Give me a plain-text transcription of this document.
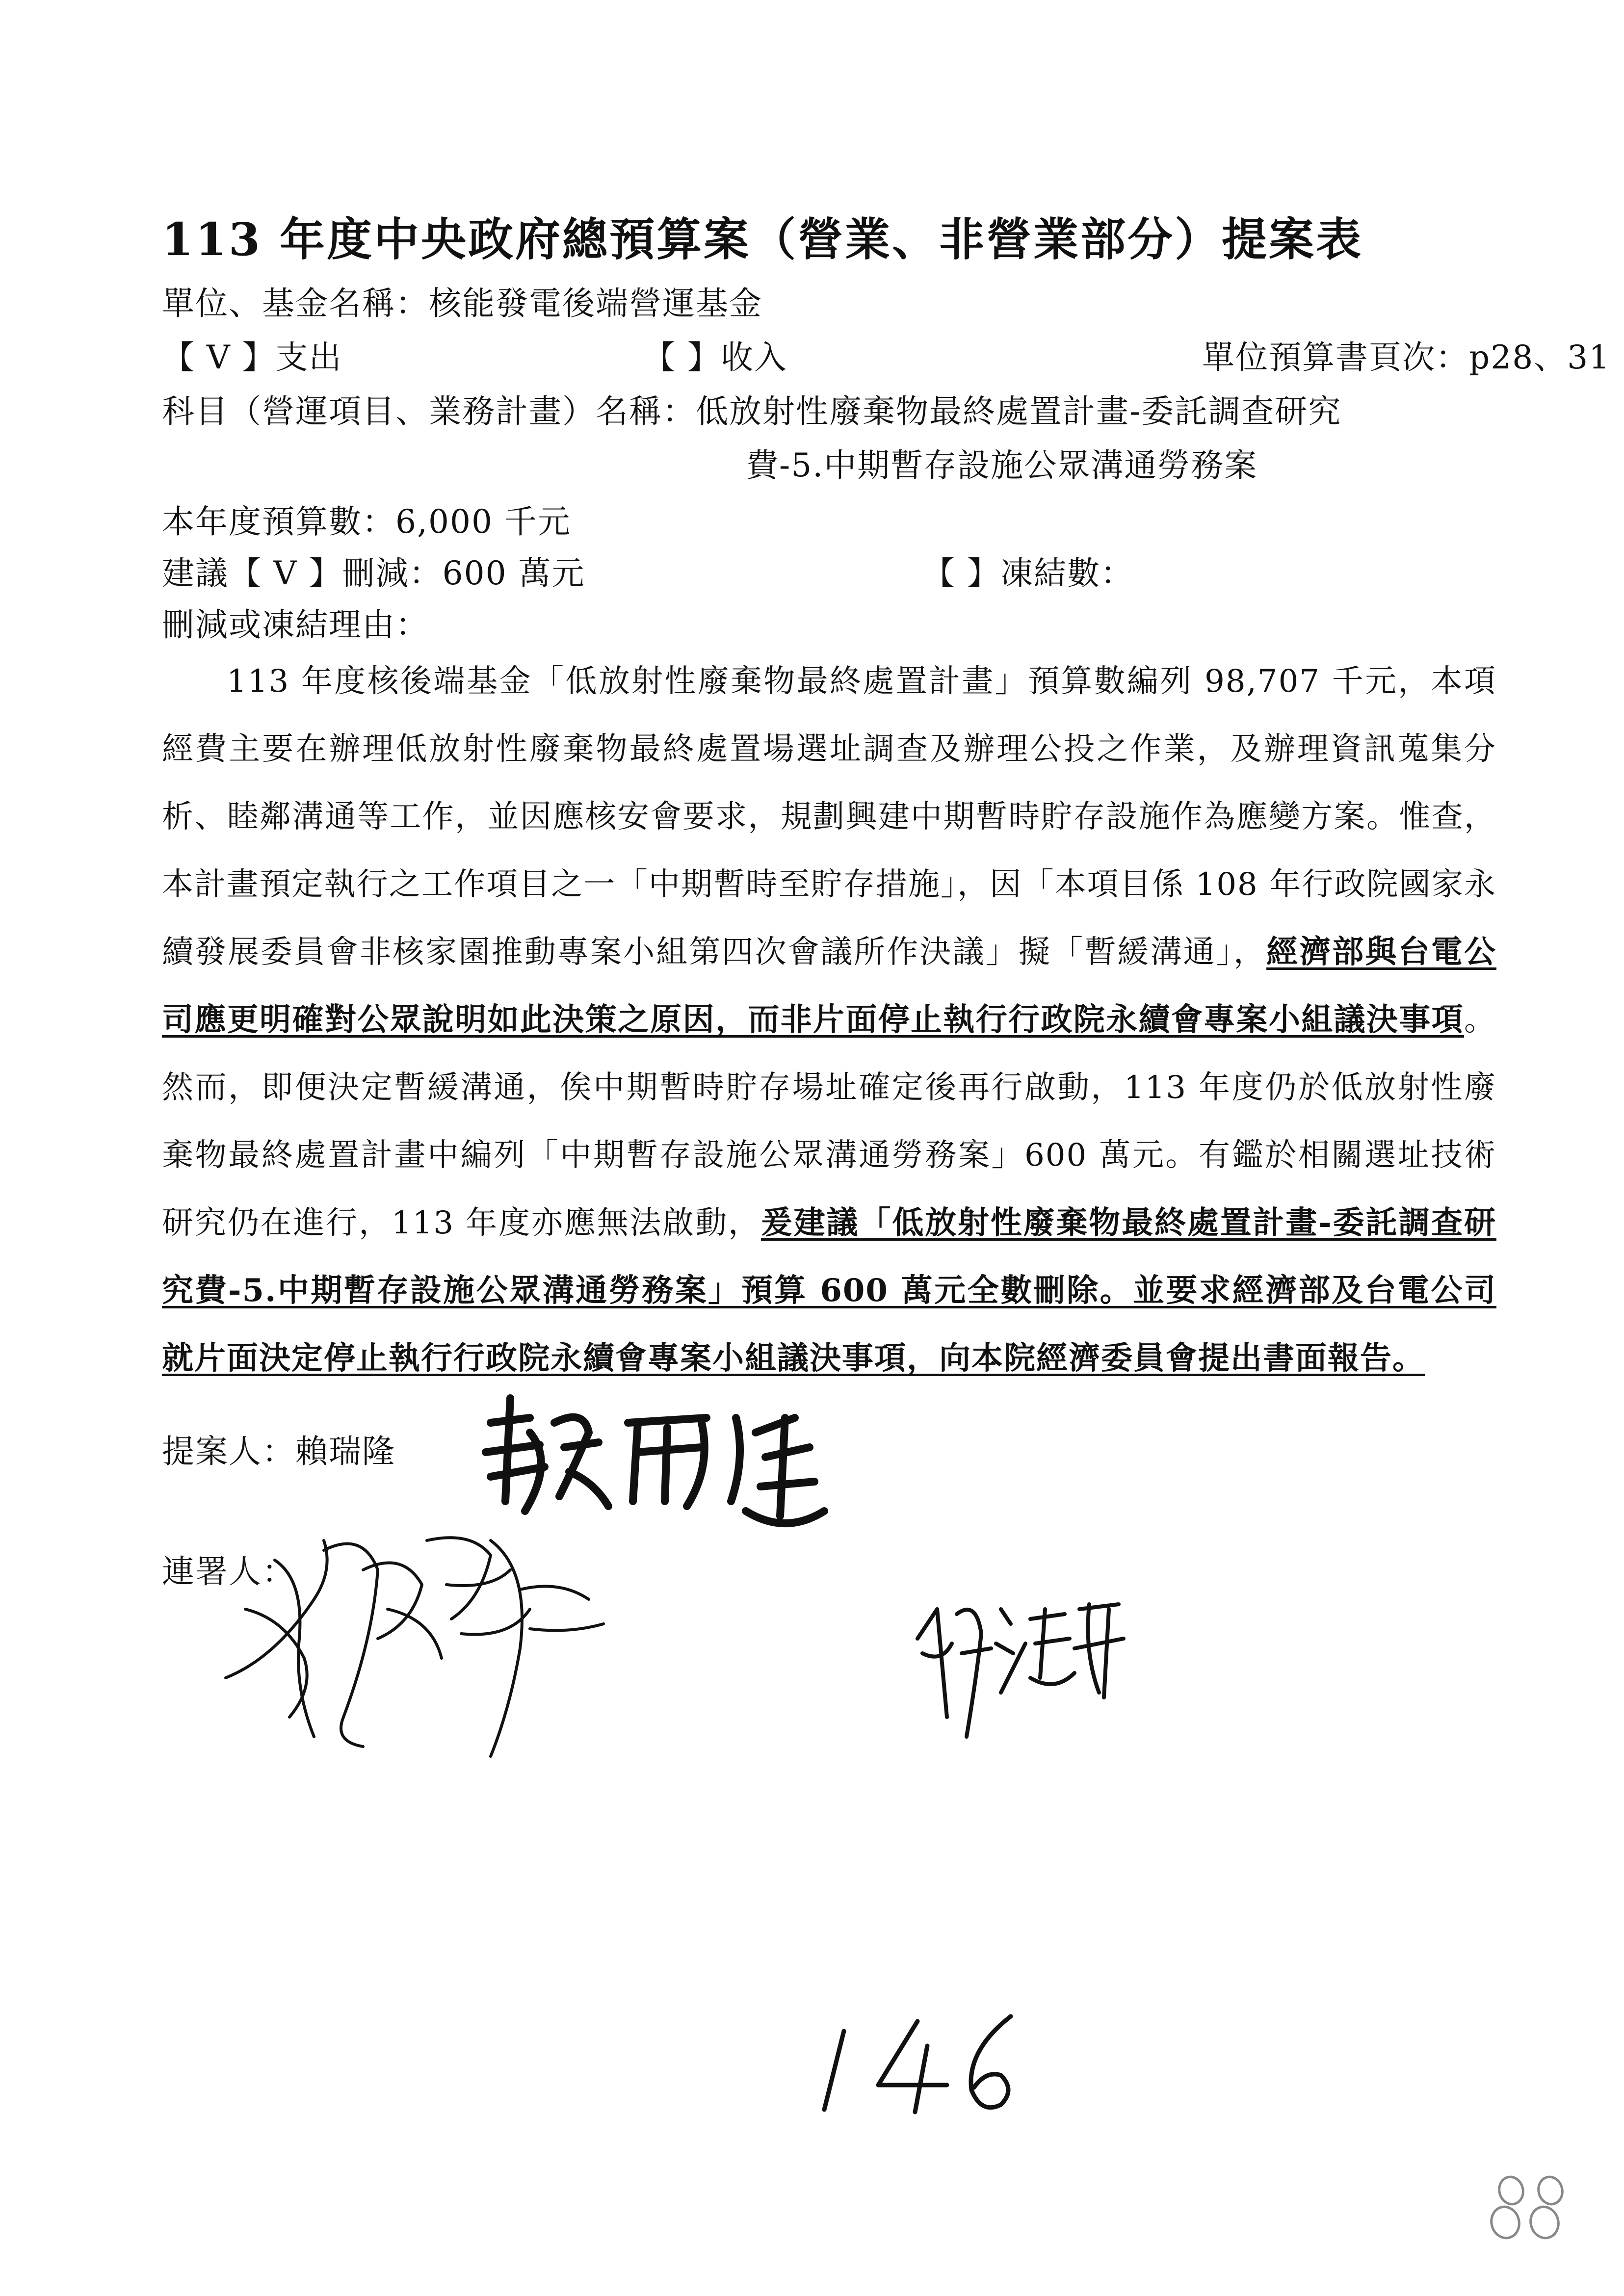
113 年度中央政府總預算案（營業、非營業部分）提案表
單位、基金名稱：核能發電後端營運基金
【 V 】支出	【 】收入	單位預算書頁次：p28、31
科目（營運項目、業務計畫）名稱：低放射性廢棄物最終處置計畫-委託調查研究
費-5.中期暫存設施公眾溝通勞務案
本年度預算數：6,000 千元
建議【 V 】刪減：600 萬元	【 】凍結數：
刪減或凍結理由：
113 年度核後端基金「低放射性廢棄物最終處置計畫」預算數編列 98,707 千元，本項經費主要在辦理低放射性廢棄物最終處置場選址調查及辦理公投之作業，及辦理資訊蒐集分析、睦鄰溝通等工作，並因應核安會要求，規劃興建中期暫時貯存設施作為應變方案。惟查，本計畫預定執行之工作項目之一「中期暫時至貯存措施」，因「本項目係 108 年行政院國家永續發展委員會非核家園推動專案小組第四次會議所作決議」擬「暫緩溝通」，經濟部與台電公司應更明確對公眾說明如此決策之原因，而非片面停止執行行政院永續會專案小組議決事項。然而，即便決定暫緩溝通，俟中期暫時貯存場址確定後再行啟動，113 年度仍於低放射性廢棄物最終處置計畫中編列「中期暫存設施公眾溝通勞務案」600 萬元。有鑑於相關選址技術研究仍在進行，113 年度亦應無法啟動，爰建議「低放射性廢棄物最終處置計畫-委託調查研究費-5.中期暫存設施公眾溝通勞務案」預算 600 萬元全數刪除。並要求經濟部及台電公司就片面決定停止執行行政院永續會專案小組議決事項，向本院經濟委員會提出書面報告。
提案人：賴瑞隆
連署人：
